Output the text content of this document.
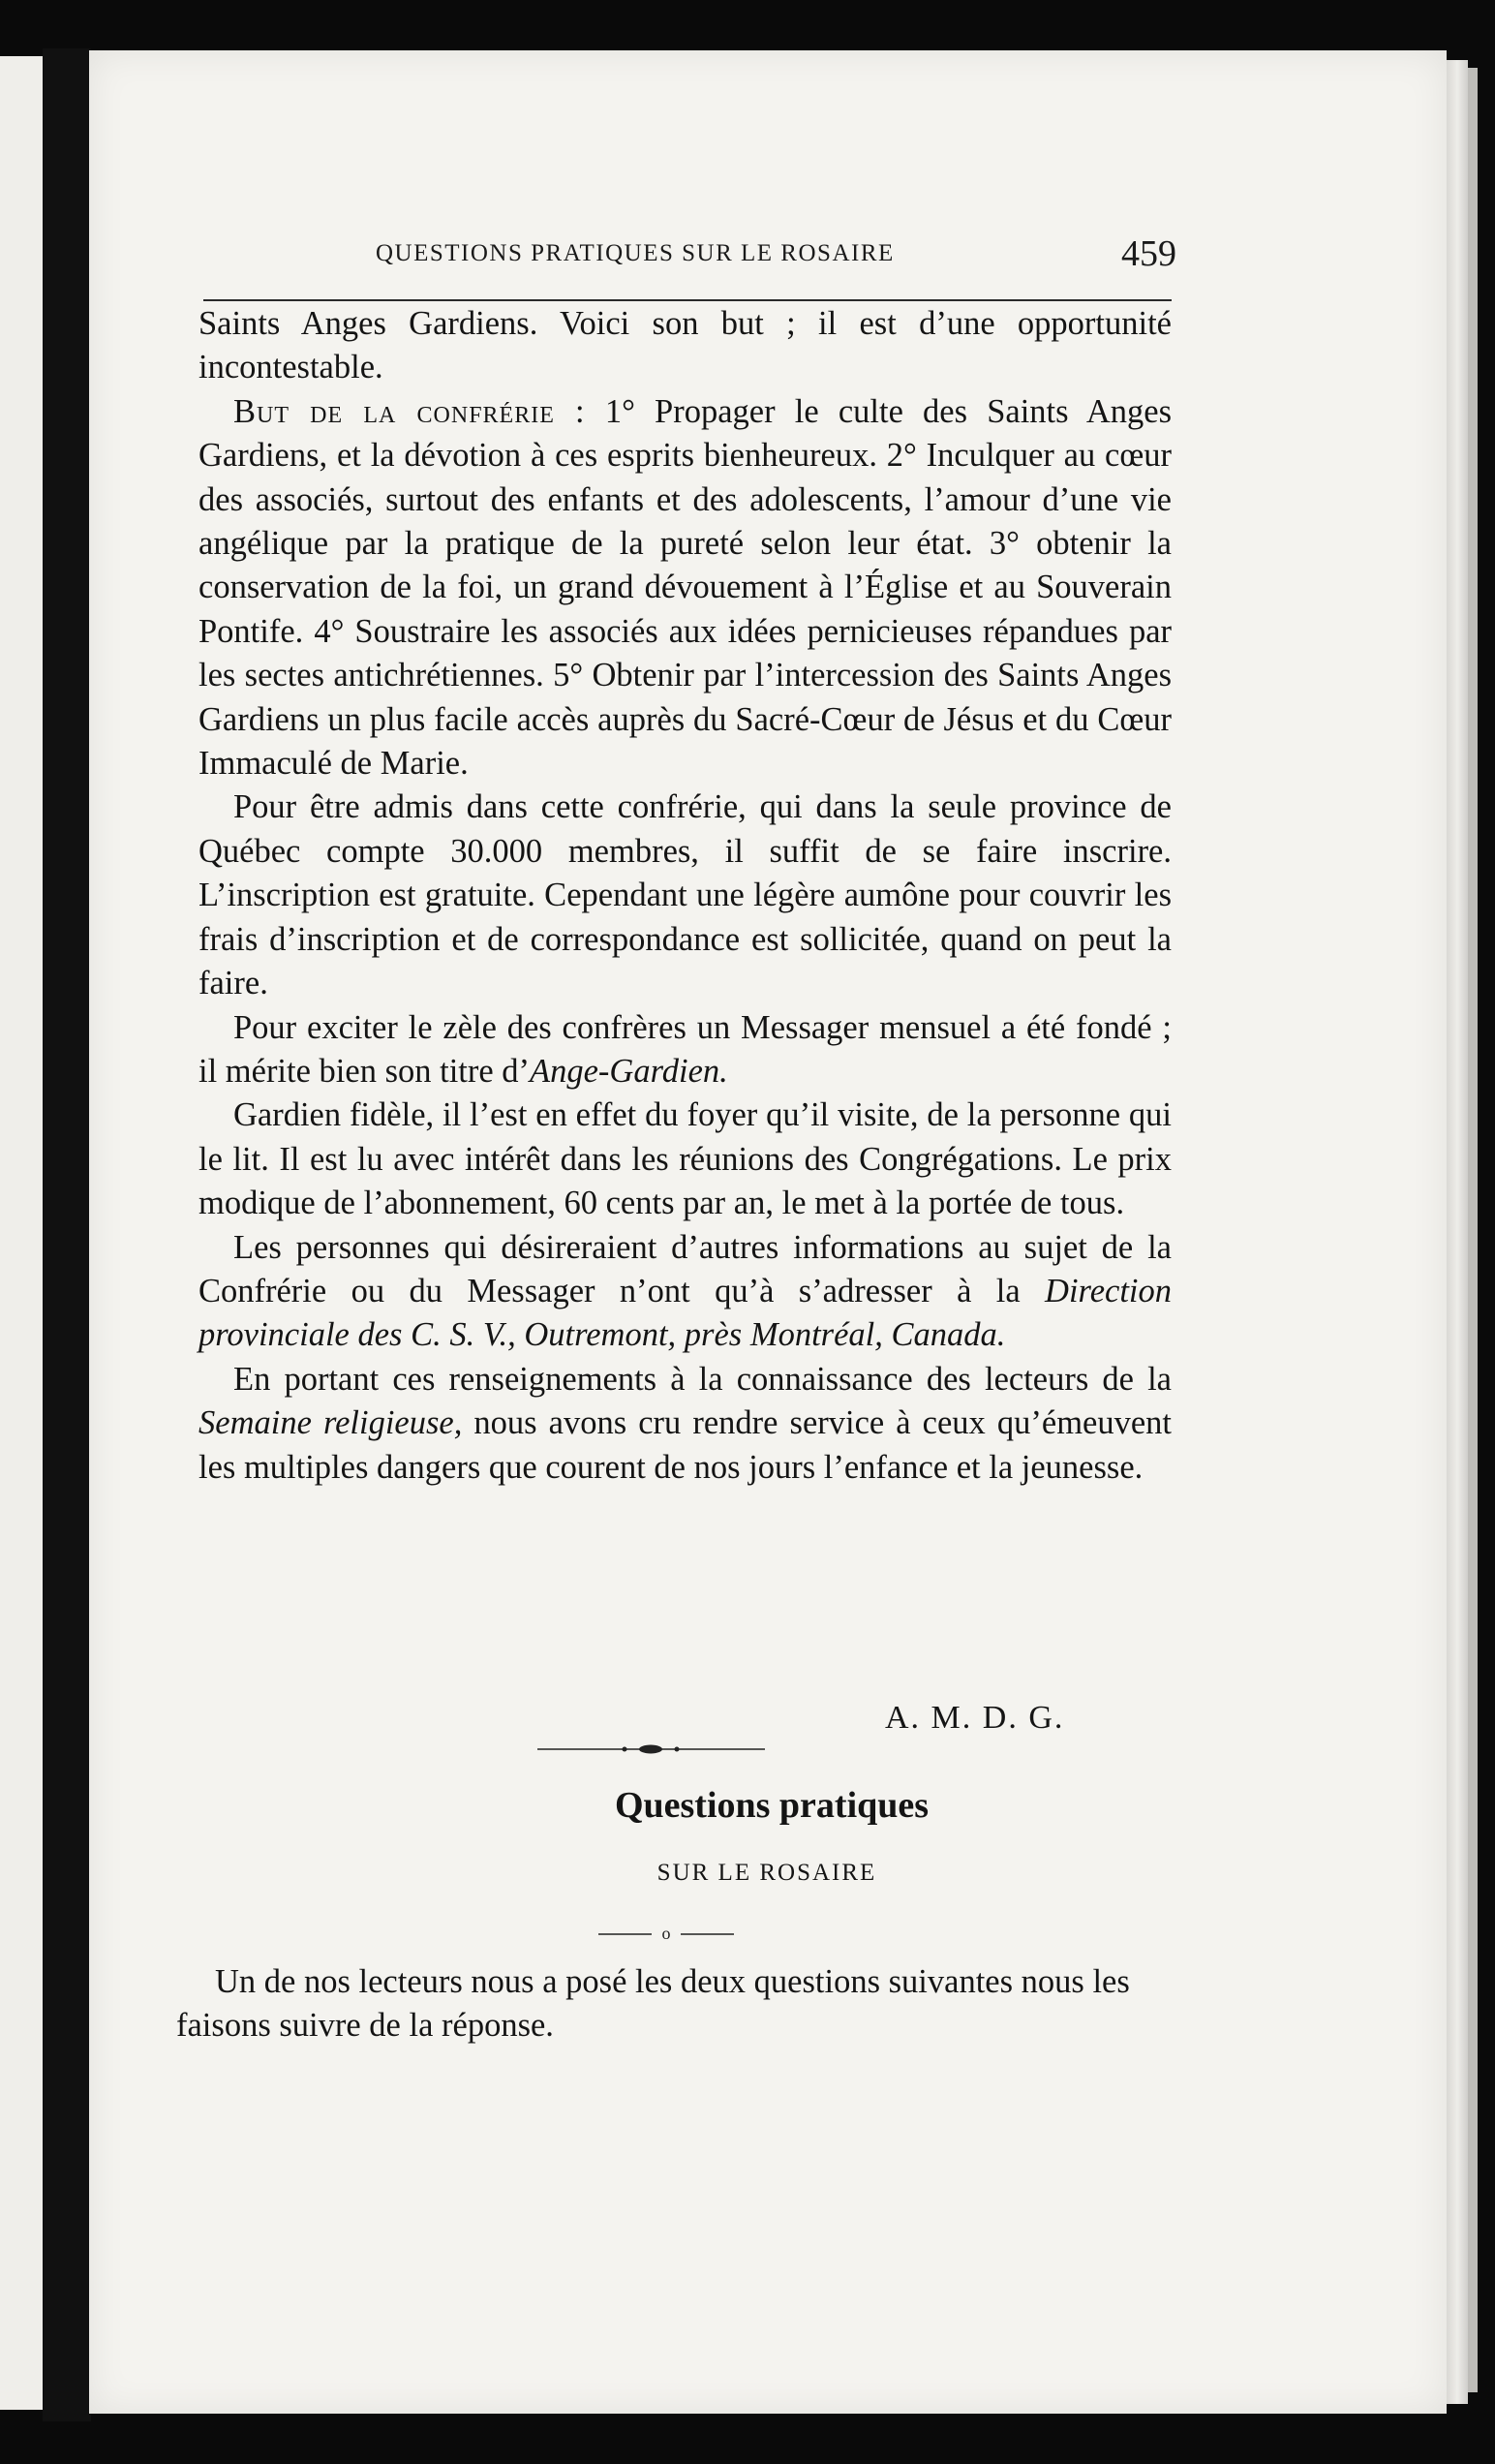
QUESTIONS PRATIQUES SUR LE ROSAIRE	459

Saints Anges Gardiens. Voici son but ; il est d’une opportunité incontestable.

But de la confrérie : 1° Propager le culte des Saints Anges Gardiens, et la dévotion à ces esprits bienheureux. 2° Inculquer au cœur des associés, surtout des enfants et des adolescents, l’amour d’une vie angélique par la pratique de la pureté selon leur état. 3° obtenir la conservation de la foi, un grand dévouement à l’Église et au Souverain Pontife. 4° Soustraire les associés aux idées pernicieuses répandues par les sectes antichrétiennes. 5° Obtenir par l’intercession des Saints Anges Gardiens un plus facile accès auprès du Sacré-Cœur de Jésus et du Cœur Immaculé de Marie.

Pour être admis dans cette confrérie, qui dans la seule province de Québec compte 30.000 membres, il suffit de se faire inscrire. L’inscription est gratuite. Cependant une légère aumône pour couvrir les frais d’inscription et de correspondance est sollicitée, quand on peut la faire.

Pour exciter le zèle des confrères un Messager mensuel a été fondé ; il mérite bien son titre d’Ange-Gardien.

Gardien fidèle, il l’est en effet du foyer qu’il visite, de la personne qui le lit. Il est lu avec intérêt dans les réunions des Congrégations. Le prix modique de l’abonnement, 60 cents par an, le met à la portée de tous.

Les personnes qui désireraient d’autres informations au sujet de la Confrérie ou du Messager n’ont qu’à s’adresser à la Direction provinciale des C. S. V., Outremont, près Montréal, Canada.

En portant ces renseignements à la connaissance des lecteurs de la Semaine religieuse, nous avons cru rendre service à ceux qu’émeuvent les multiples dangers que courent de nos jours l’enfance et la jeunesse.

A. M. D. G.
Questions pratiques
SUR LE ROSAIRE
o

Un de nos lecteurs nous a posé les deux questions suivantes nous les faisons suivre de la réponse.
